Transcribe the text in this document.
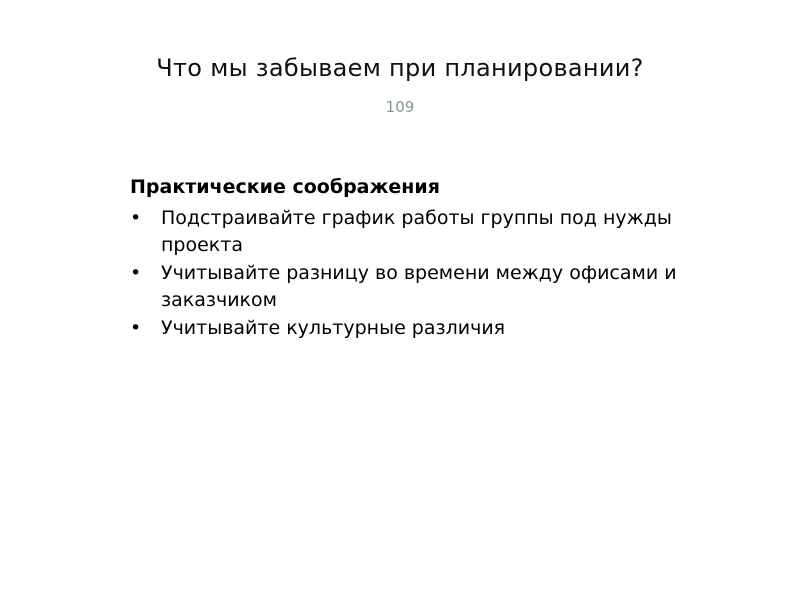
Что мы забываем при планировании?
109
Практические соображения
•	Подстраивайте график работы группы под нужды проекта
•	Учитывайте разницу во времени между офисами и заказчиком
•	Учитывайте культурные различия
